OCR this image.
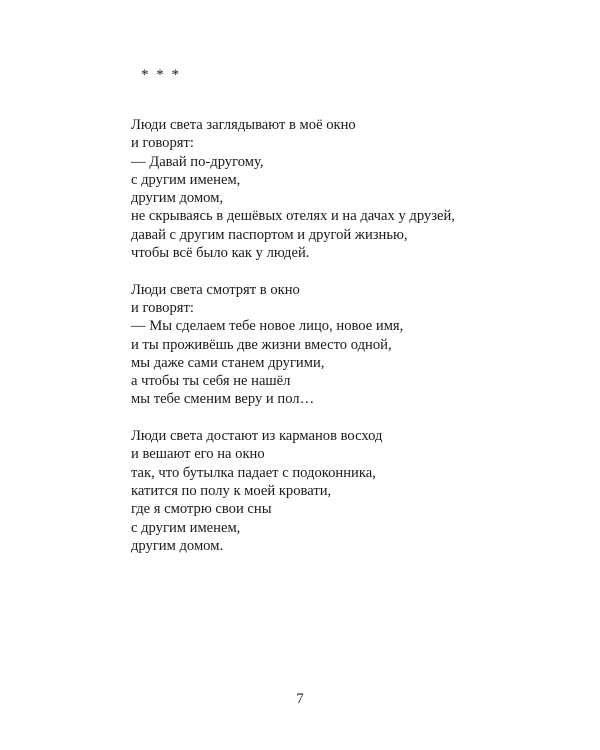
* * *
Люди света заглядывают в моё окно
и говорят:
— Давай по-другому,
с другим именем,
другим домом,
не скрываясь в дешёвых отелях и на дачах у друзей,
давай с другим паспортом и другой жизнью,
чтобы всё было как у людей.
Люди света смотрят в окно
и говорят:
— Мы сделаем тебе новое лицо, новое имя,
и ты проживёшь две жизни вместо одной,
мы даже сами станем другими,
а чтобы ты себя не нашёл
мы тебе сменим веру и пол…
Люди света достают из карманов восход
и вешают его на окно
так, что бутылка падает с подоконника,
катится по полу к моей кровати,
где я смотрю свои сны
с другим именем,
другим домом.
7
